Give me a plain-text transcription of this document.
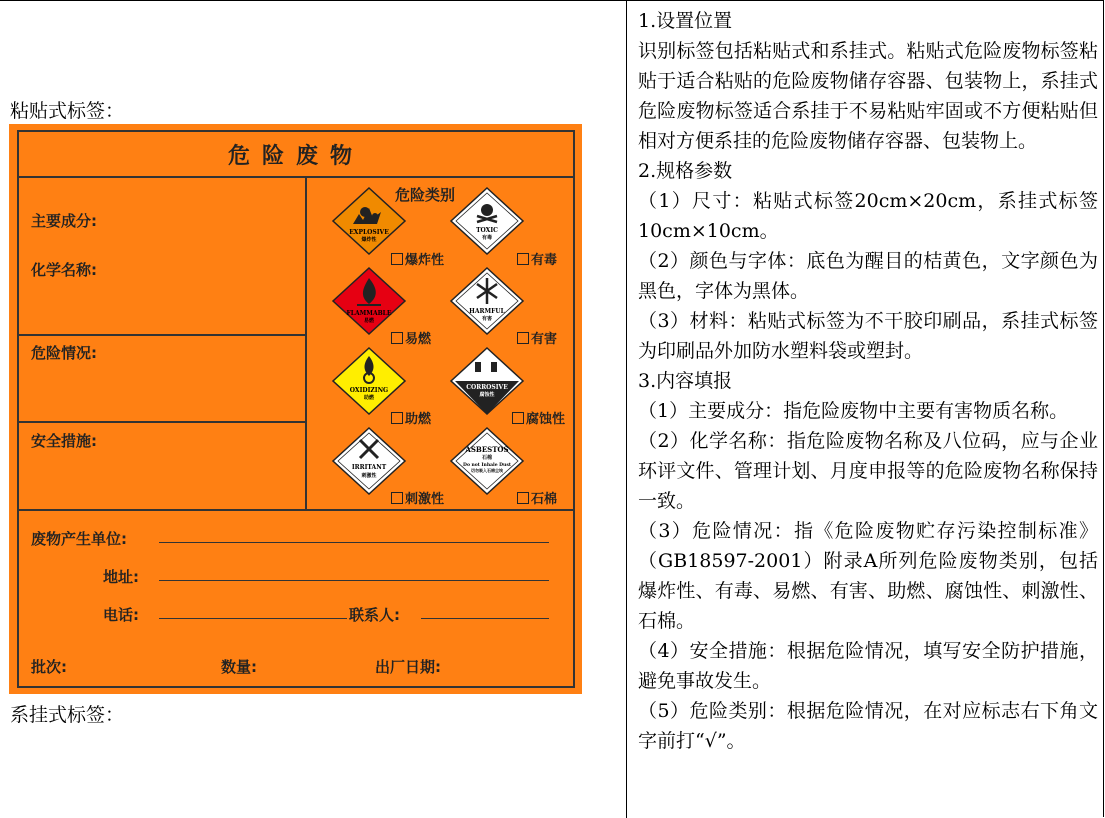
粘贴式标签：
系挂式标签：
危险废物
主要成分:
化学名称:
危险情况:
安全措施:
废物产生单位:
地址:
电话:	联系人:
批次:	数量:	出厂日期:
危险类别
EXPLOSIVE
爆炸性
爆炸性
TOXIC
有毒
有毒
FLAMMABLE
易燃
易燃
HARMFUL
有害
有害
OXIDIZING
助燃
助燃
CORROSIVE
腐蚀性
腐蚀性
IRRITANT
刺激性
刺激性
ASBESTOS
石棉
Do not Inhale Dust
切勿吸入石棉尘埃
石棉

1.设置位置

识别标签包括粘贴式和系挂式。粘贴式危险废物标签粘贴于适合粘贴的危险废物储存容器、包装物上，系挂式危险废物标签适合系挂于不易粘贴牢固或不方便粘贴但相对方便系挂的危险废物储存容器、包装物上。

2.规格参数

（1）尺寸：粘贴式标签20cm×20cm，系挂式标签10cm×10cm。

（2）颜色与字体：底色为醒目的桔黄色，文字颜色为黑色，字体为黑体。

（3）材料：粘贴式标签为不干胶印刷品，系挂式标签为印刷品外加防水塑料袋或塑封。

3.内容填报

（1）主要成分：指危险废物中主要有害物质名称。

（2）化学名称：指危险废物名称及八位码，应与企业环评文件、管理计划、月度申报等的危险废物名称保持一致。

（3）危险情况：指《危险废物贮存污染控制标准》（GB18597-2001）附录A所列危险废物类别，包括爆炸性、有毒、易燃、有害、助燃、腐蚀性、刺激性、石棉。

（4）安全措施：根据危险情况，填写安全防护措施，避免事故发生。

（5）危险类别：根据危险情况，在对应标志右下角文字前打“√”。
